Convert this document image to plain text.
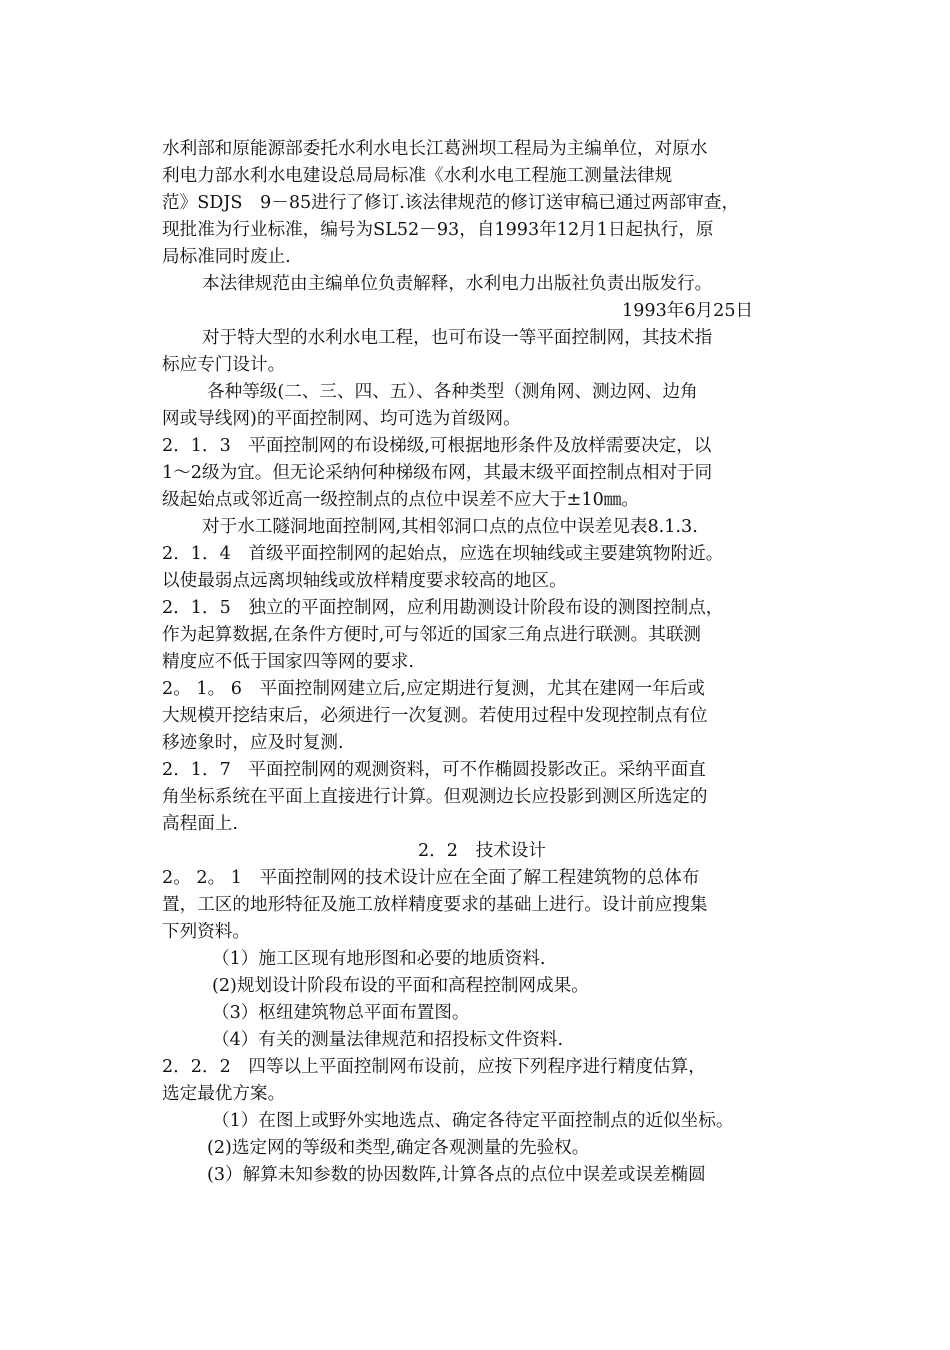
水利部和原能源部委托水利水电长江葛洲坝工程局为主编单位，对原水
利电力部水利水电建设总局局标准《水利水电工程施工测量法律规
范》SDJS　9－85进行了修订.该法律规范的修订送审稿已通过两部审查，
现批准为行业标准，编号为SL52－93，自1993年12月1日起执行，原
局标准同时废止.
本法律规范由主编单位负责解释，水利电力出版社负责出版发行。
1993年6月25日
对于特大型的水利水电工程，也可布设一等平面控制网，其技术指
标应专门设计。
各种等级(二、三、四、五）、各种类型（测角网、测边网、边角
网或导线网)的平面控制网、均可选为首级网。
2．1．3　平面控制网的布设梯级,可根据地形条件及放样需要决定，以
1～2级为宜。但无论采纳何种梯级布网，其最末级平面控制点相对于同
级起始点或邻近高一级控制点的点位中误差不应大于±10㎜。
对于水工隧洞地面控制网,其相邻洞口点的点位中误差见表8.1.3.
2．1．4　首级平面控制网的起始点，应选在坝轴线或主要建筑物附近。
以使最弱点远离坝轴线或放样精度要求较高的地区。
2．1．5　独立的平面控制网，应利用勘测设计阶段布设的测图控制点，
作为起算数据,在条件方便时,可与邻近的国家三角点进行联测。其联测
精度应不低于国家四等网的要求.
2。 1。 6　平面控制网建立后,应定期进行复测，尤其在建网一年后或
大规模开挖结束后，必须进行一次复测。若使用过程中发现控制点有位
移迹象时，应及时复测.
2．1．7　平面控制网的观测资料，可不作椭圆投影改正。采纳平面直
角坐标系统在平面上直接进行计算。但观测边长应投影到测区所选定的
高程面上.
2．2　技术设计
2。 2。 1　平面控制网的技术设计应在全面了解工程建筑物的总体布
置，工区的地形特征及施工放样精度要求的基础上进行。设计前应搜集
下列资料。
（1）施工区现有地形图和必要的地质资料.
(2)规划设计阶段布设的平面和高程控制网成果。
（3）枢纽建筑物总平面布置图。
（4）有关的测量法律规范和招投标文件资料.
2．2．2　四等以上平面控制网布设前，应按下列程序进行精度估算，
选定最优方案。
（1）在图上或野外实地选点、确定各待定平面控制点的近似坐标。
(2)选定网的等级和类型,确定各观测量的先验权。
(3）解算未知参数的协因数阵,计算各点的点位中误差或误差椭圆
